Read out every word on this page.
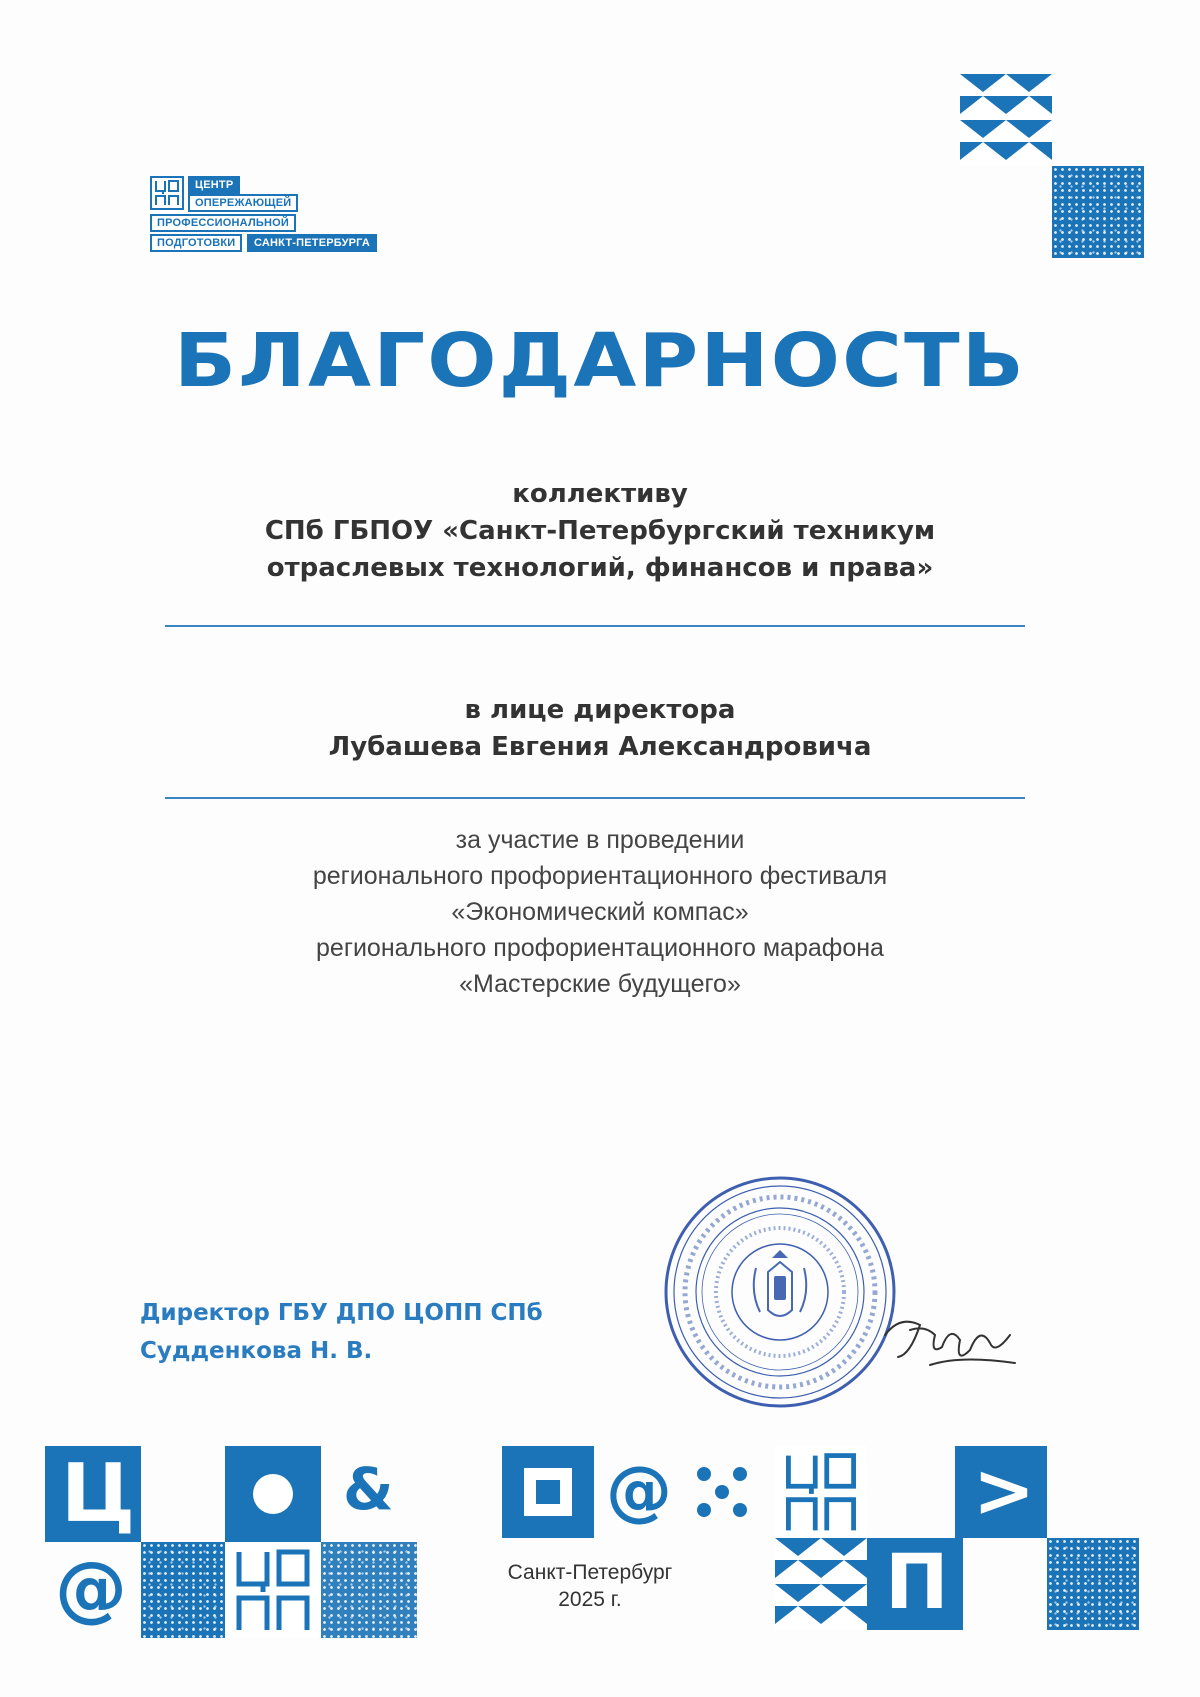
ЦЕНТР
ОПЕРЕЖАЮЩЕЙ
ПРОФЕССИОНАЛЬНОЙ
ПОДГОТОВКИ	САНКТ-ПЕТЕРБУРГА
БЛАГОДАРНОСТЬ
коллективу
СПб ГБПОУ «Санкт-Петербургский техникум
отраслевых технологий, финансов и права»
в лице директора
Лубашева Евгения Александровича
за участие в проведении
регионального профориентационного фестиваля
«Экономический компас»
регионального профориентационного марафона
«Мастерские будущего»
Директор ГБУ ДПО ЦОПП СПб
Судденкова Н. В.
Ц	&
@
@
Санкт-Петербург
2025 г.
>
П
